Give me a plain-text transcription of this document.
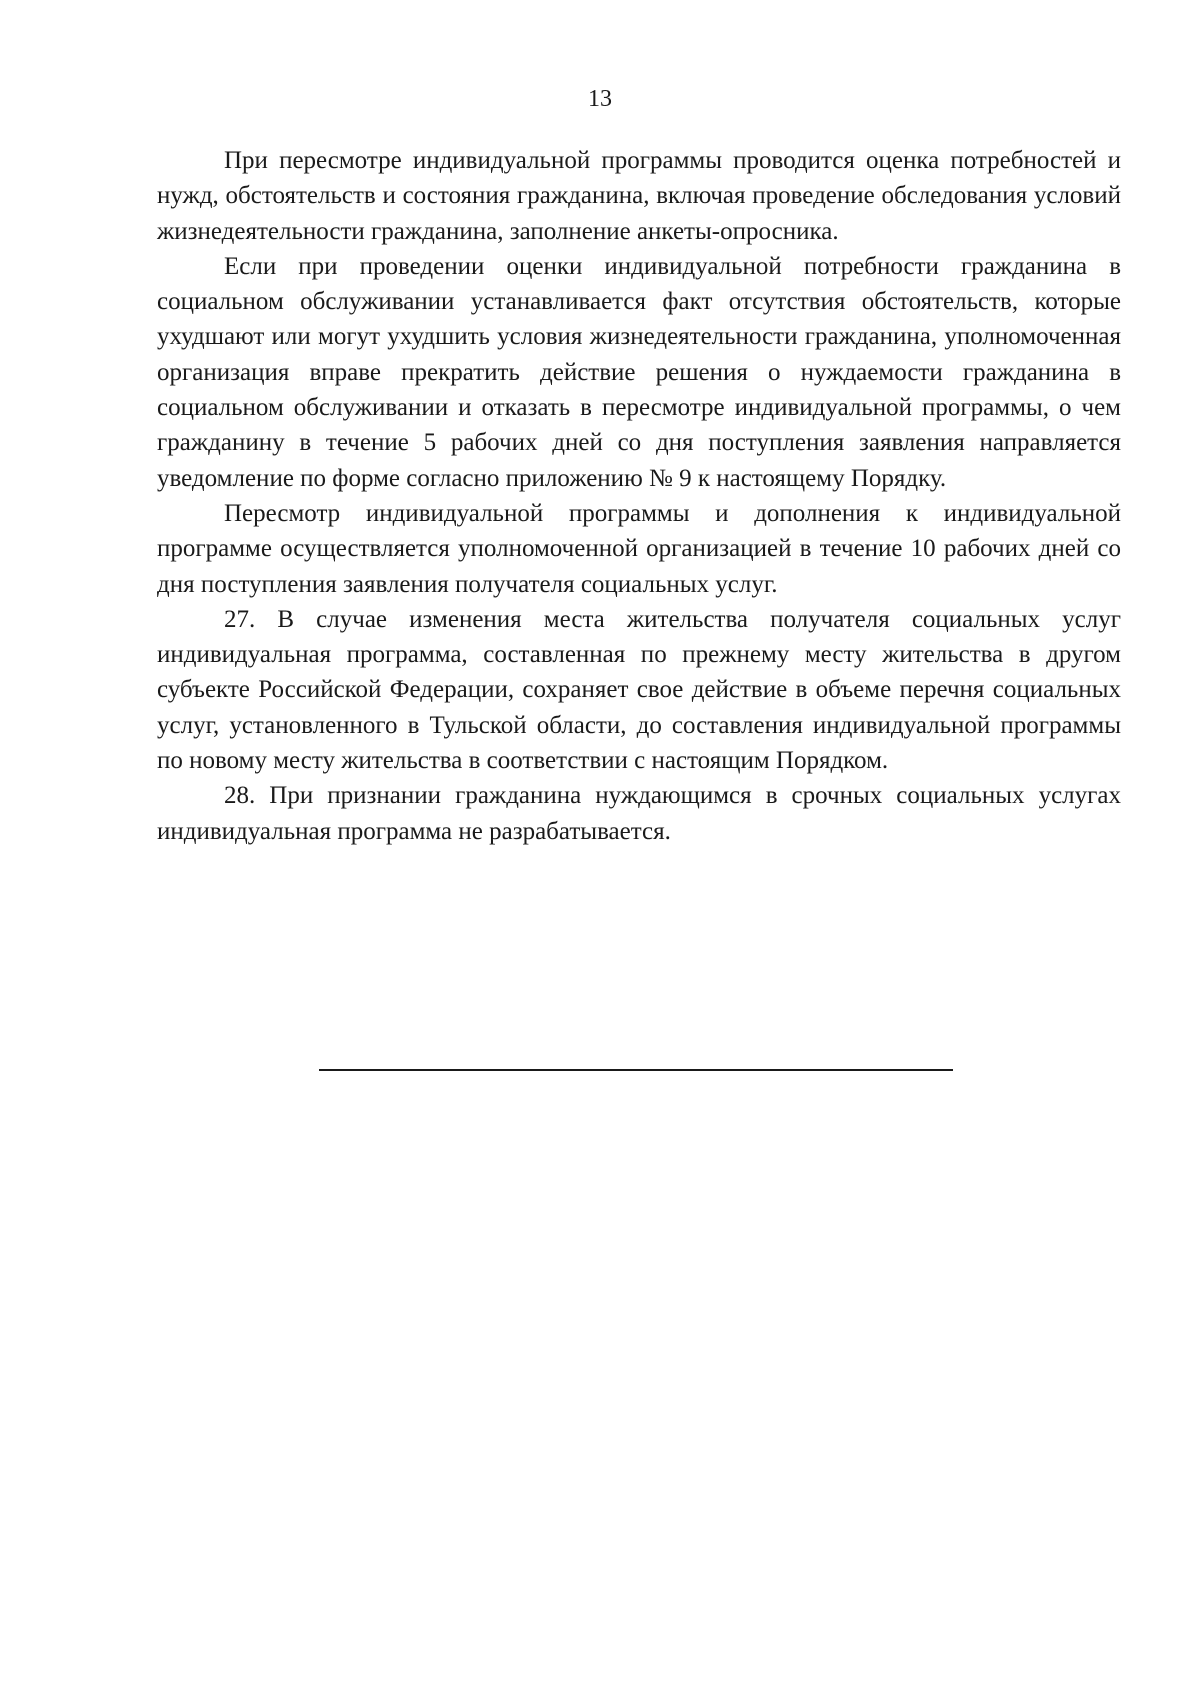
13

При пересмотре индивидуальной программы проводится оценка потребностей и нужд, обстоятельств и состояния гражданина, включая проведение обследования условий жизнедеятельности гражданина, заполнение анкеты-опросника.

Если при проведении оценки индивидуальной потребности гражданина в социальном обслуживании устанавливается факт отсутствия обстоятельств, которые ухудшают или могут ухудшить условия жизнедеятельности гражданина, уполномоченная организация вправе прекратить действие решения о нуждаемости гражданина в социальном обслуживании и отказать в пересмотре индивидуальной программы, о чем гражданину в течение 5 рабочих дней со дня поступления заявления направляется уведомление по форме согласно приложению № 9 к настоящему Порядку.

Пересмотр индивидуальной программы и дополнения к индивидуальной программе осуществляется уполномоченной организацией в течение 10 рабочих дней со дня поступления заявления получателя социальных услуг.

27. В случае изменения места жительства получателя социальных услуг индивидуальная программа, составленная по прежнему месту жительства в другом субъекте Российской Федерации, сохраняет свое действие в объеме перечня социальных услуг, установленного в Тульской области, до составления индивидуальной программы по новому месту жительства в соответствии с настоящим Порядком.

28. При признании гражданина нуждающимся в срочных социальных услугах индивидуальная программа не разрабатывается.
